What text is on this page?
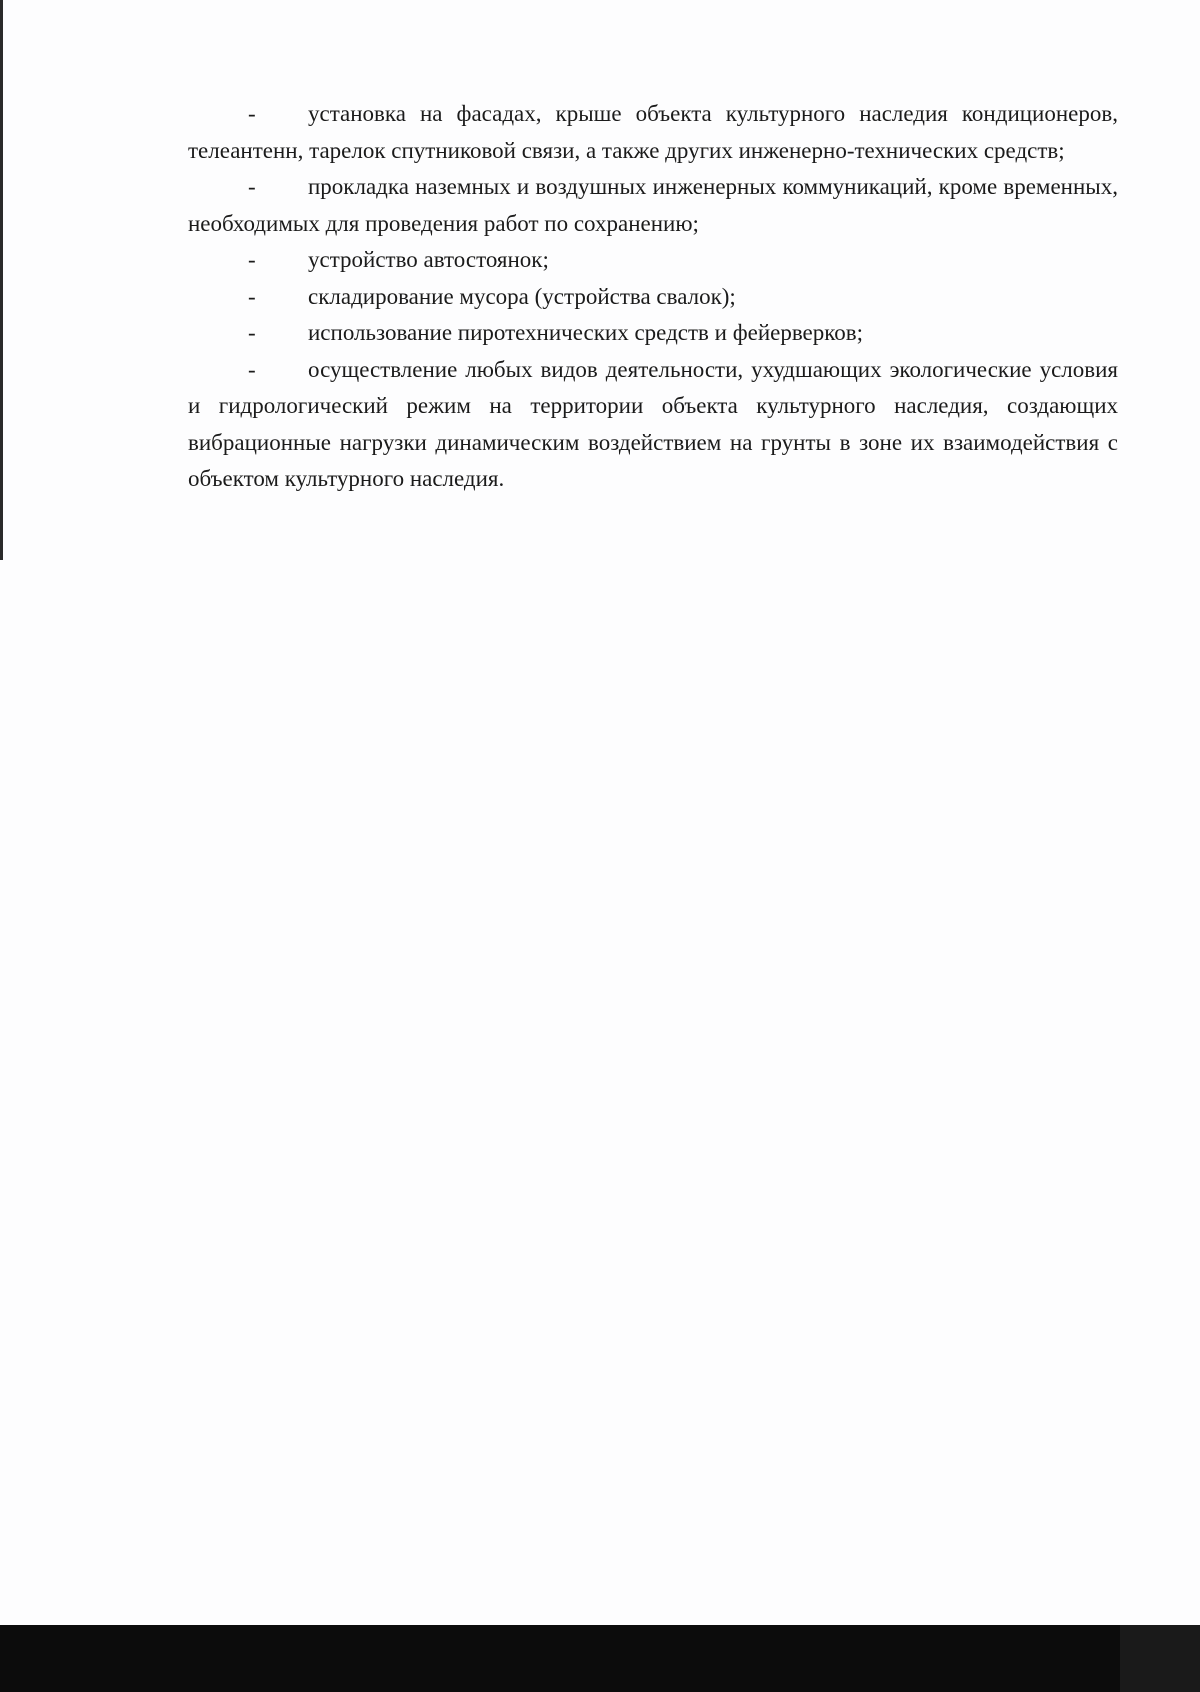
- установка на фасадах, крыше объекта культурного наследия кондиционеров, телеантенн, тарелок спутниковой связи, а также других инженерно-технических средств;

- прокладка наземных и воздушных инженерных коммуникаций, кроме временных, необходимых для проведения работ по сохранению;

- устройство автостоянок;

- складирование мусора (устройства свалок);

- использование пиротехнических средств и фейерверков;

- осуществление любых видов деятельности, ухудшающих экологические условия и гидрологический режим на территории объекта культурного наследия, создающих вибрационные нагрузки динамическим воздействием на грунты в зоне их взаимодействия с объектом культурного наследия.
